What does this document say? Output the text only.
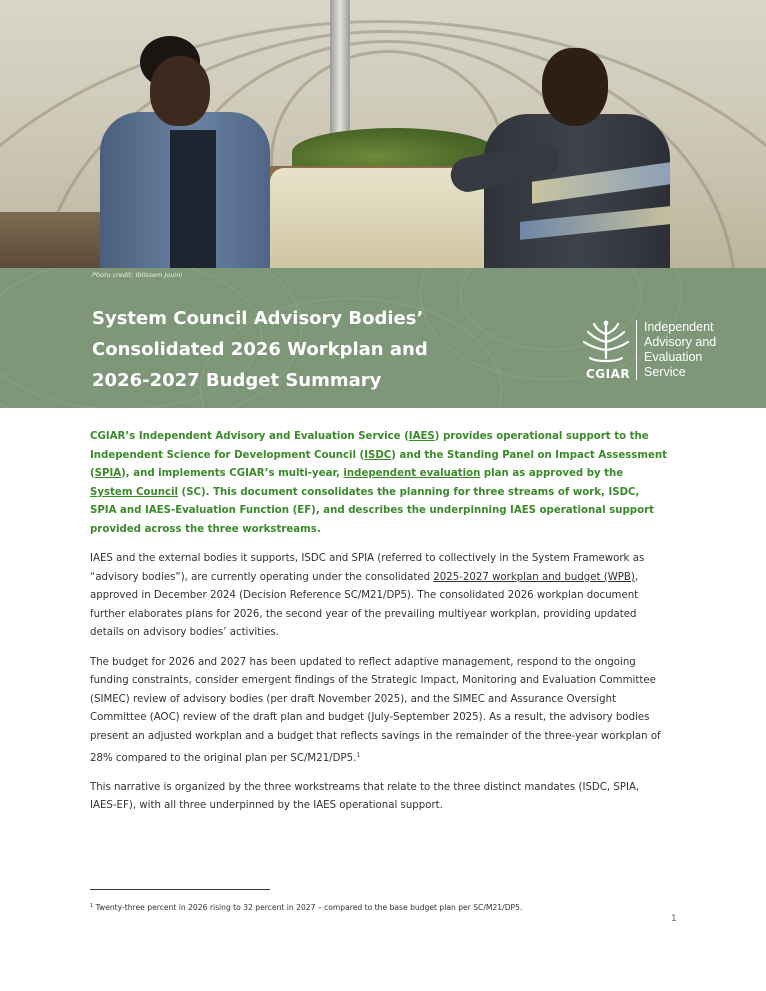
Photo credit: Iblissem Jouini
System Council Advisory Bodies’
Consolidated 2026 Workplan and
2026-2027 Budget Summary	CGIAR
Independent
Advisory and
Evaluation
Service

CGIAR’s Independent Advisory and Evaluation Service (IAES) provides operational support to the Independent Science for Development Council (ISDC) and the Standing Panel on Impact Assessment (SPIA), and implements CGIAR’s multi-year, independent evaluation plan as approved by the System Council (SC). This document consolidates the planning for three streams of work, ISDC, SPIA and IAES-Evaluation Function (EF), and describes the underpinning IAES operational support provided across the three workstreams.

IAES and the external bodies it supports, ISDC and SPIA (referred to collectively in the System Framework as “advisory bodies”), are currently operating under the consolidated 2025-2027 workplan and budget (WPB), approved in December 2024 (Decision Reference SC/M21/DP5). The consolidated 2026 workplan document further elaborates plans for 2026, the second year of the prevailing multiyear workplan, providing updated details on advisory bodies’ activities.

The budget for 2026 and 2027 has been updated to reflect adaptive management, respond to the ongoing funding constraints, consider emergent findings of the Strategic Impact, Monitoring and Evaluation Committee (SIMEC) review of advisory bodies (per draft November 2025), and the SIMEC and Assurance Oversight Committee (AOC) review of the draft plan and budget (July-September 2025). As a result, the advisory bodies present an adjusted workplan and a budget that reflects savings in the remainder of the three-year workplan of 28% compared to the original plan per SC/M21/DP5.$^1$

This narrative is organized by the three workstreams that relate to the three distinct mandates (ISDC, SPIA, IAES-EF), with all three underpinned by the IAES operational support.

$^1$ Twenty-three percent in 2026 rising to 32 percent in 2027 – compared to the base budget plan per SC/M21/DP5.
1
